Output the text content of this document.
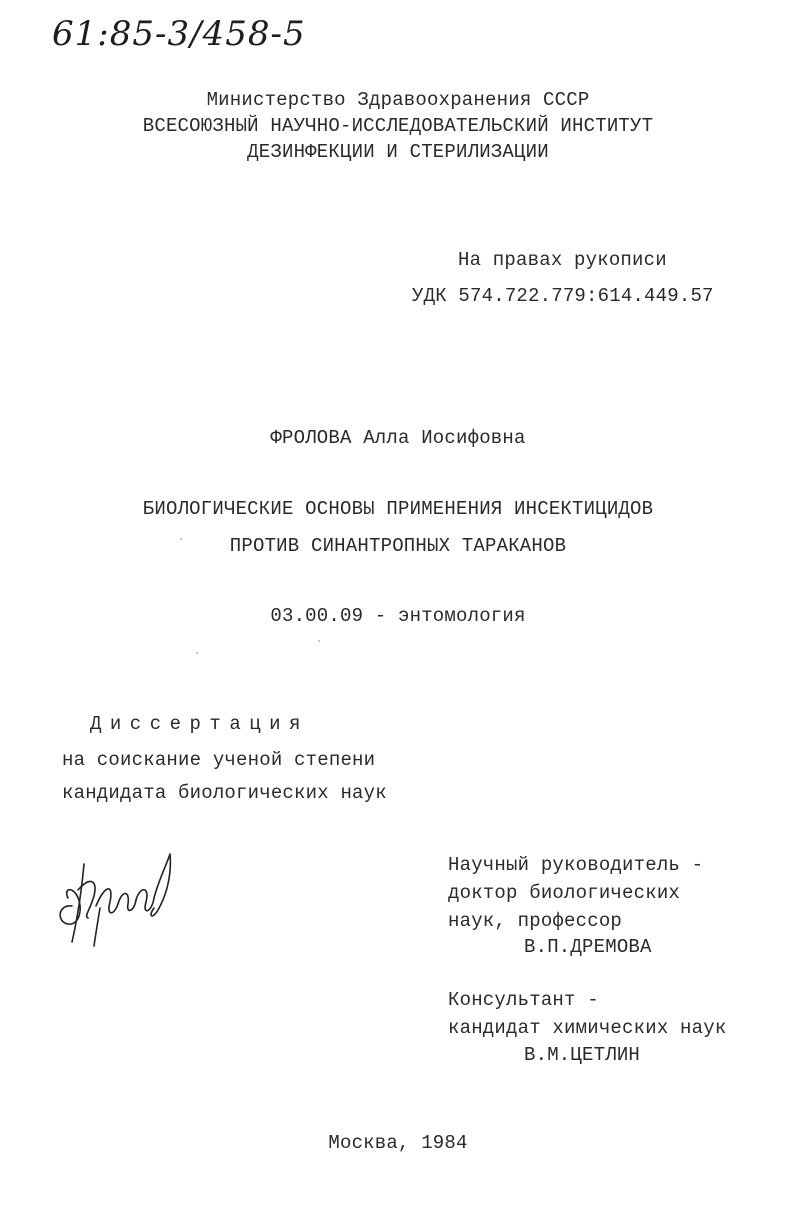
61:85-3/458-5
Министерство Здравоохранения СССР
ВСЕСОЮЗНЫЙ НАУЧНО-ИССЛЕДОВАТЕЛЬСКИЙ ИНСТИТУТ
ДЕЗИНФЕКЦИИ И СТЕРИЛИЗАЦИИ
На правах рукописи
УДК 574.722.779:614.449.57
ФРОЛОВА Алла Иосифовна
БИОЛОГИЧЕСКИЕ ОСНОВЫ ПРИМЕНЕНИЯ ИНСЕКТИЦИДОВ
ПРОТИВ СИНАНТРОПНЫХ ТАРАКАНОВ
03.00.09 - энтомология
Диссертация
на соискание ученой степени
кандидата биологических наук
Научный руководитель -
доктор биологических
наук, профессор
В.П.ДРЕМОВА
Консультант -
кандидат химических наук
В.М.ЦЕТЛИН
Москва, 1984
